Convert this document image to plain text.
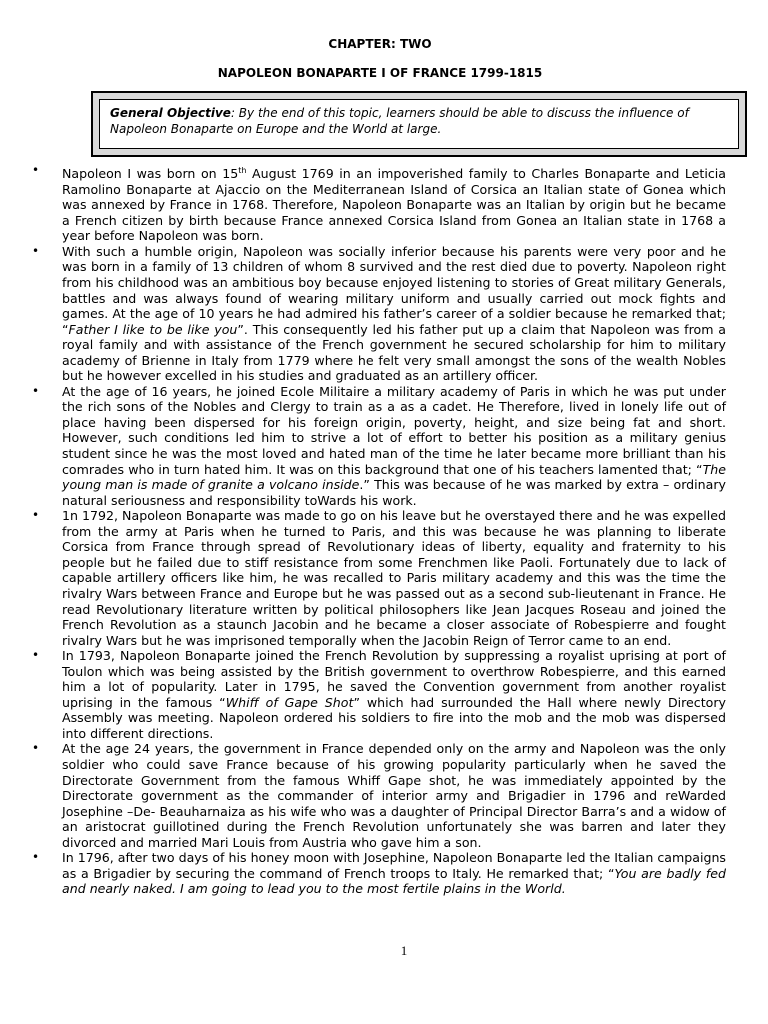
CHAPTER: TWO
NAPOLEON BONAPARTE I OF FRANCE 1799-1815
General Objective: By the end of this topic, learners should be able to discuss the influence of Napoleon Bonaparte on Europe and the World at large.
• Napoleon I was born on 15th August 1769 in an impoverished family to Charles Bonaparte and Leticia Ramolino Bonaparte at Ajaccio on the Mediterranean Island of Corsica an Italian state of Gonea which was annexed by France in 1768. Therefore, Napoleon Bonaparte was an Italian by origin but he became a French citizen by birth because France annexed Corsica Island from Gonea an Italian state in 1768 a year before Napoleon was born.
• With such a humble origin, Napoleon was socially inferior because his parents were very poor and he was born in a family of 13 children of whom 8 survived and the rest died due to poverty. Napoleon right from his childhood was an ambitious boy because enjoyed listening to stories of Great military Generals, battles and was always found of wearing military uniform and usually carried out mock fights and games. At the age of 10 years he had admired his father’s career of a soldier because he remarked that; “Father I like to be like you”. This consequently led his father put up a claim that Napoleon was from a royal family and with assistance of the French government he secured scholarship for him to military academy of Brienne in Italy from 1779 where he felt very small amongst the sons of the wealth Nobles but he however excelled in his studies and graduated as an artillery officer.
• At the age of 16 years, he joined Ecole Militaire a military academy of Paris in which he was put under the rich sons of the Nobles and Clergy to train as a as a cadet. He Therefore, lived in lonely life out of place having been dispersed for his foreign origin, poverty, height, and size being fat and short. However, such conditions led him to strive a lot of effort to better his position as a military genius student since he was the most loved and hated man of the time he later became more brilliant than his comrades who in turn hated him. It was on this background that one of his teachers lamented that; “The young man is made of granite a volcano inside.” This was because of he was marked by extra – ordinary natural seriousness and responsibility toWards his work.
• 1n 1792, Napoleon Bonaparte was made to go on his leave but he overstayed there and he was expelled from the army at Paris when he turned to Paris, and this was because he was planning to liberate Corsica from France through spread of Revolutionary ideas of liberty, equality and fraternity to his people but he failed due to stiff resistance from some Frenchmen like Paoli. Fortunately due to lack of capable artillery officers like him, he was recalled to Paris military academy and this was the time the rivalry Wars between France and Europe but he was passed out as a second sub-lieutenant in France. He read Revolutionary literature written by political philosophers like Jean Jacques Roseau and joined the French Revolution as a staunch Jacobin and he became a closer associate of Robespierre and fought rivalry Wars but he was imprisoned temporally when the Jacobin Reign of Terror came to an end.
• In 1793, Napoleon Bonaparte joined the French Revolution by suppressing a royalist uprising at port of Toulon which was being assisted by the British government to overthrow Robespierre, and this earned him a lot of popularity. Later in 1795, he saved the Convention government from another royalist uprising in the famous “Whiff of Gape Shot” which had surrounded the Hall where newly Directory Assembly was meeting. Napoleon ordered his soldiers to fire into the mob and the mob was dispersed into different directions.
• At the age 24 years, the government in France depended only on the army and Napoleon was the only soldier who could save France because of his growing popularity particularly when he saved the Directorate Government from the famous Whiff Gape shot, he was immediately appointed by the Directorate government as the commander of interior army and Brigadier in 1796 and reWarded Josephine –De- Beauharnaiza as his wife who was a daughter of Principal Director Barra’s and a widow of an aristocrat guillotined during the French Revolution unfortunately she was barren and later they divorced and married Mari Louis from Austria who gave him a son.
• In 1796, after two days of his honey moon with Josephine, Napoleon Bonaparte led the Italian campaigns as a Brigadier by securing the command of French troops to Italy. He remarked that; “You are badly fed and nearly naked. I am going to lead you to the most fertile plains in the World.
1
